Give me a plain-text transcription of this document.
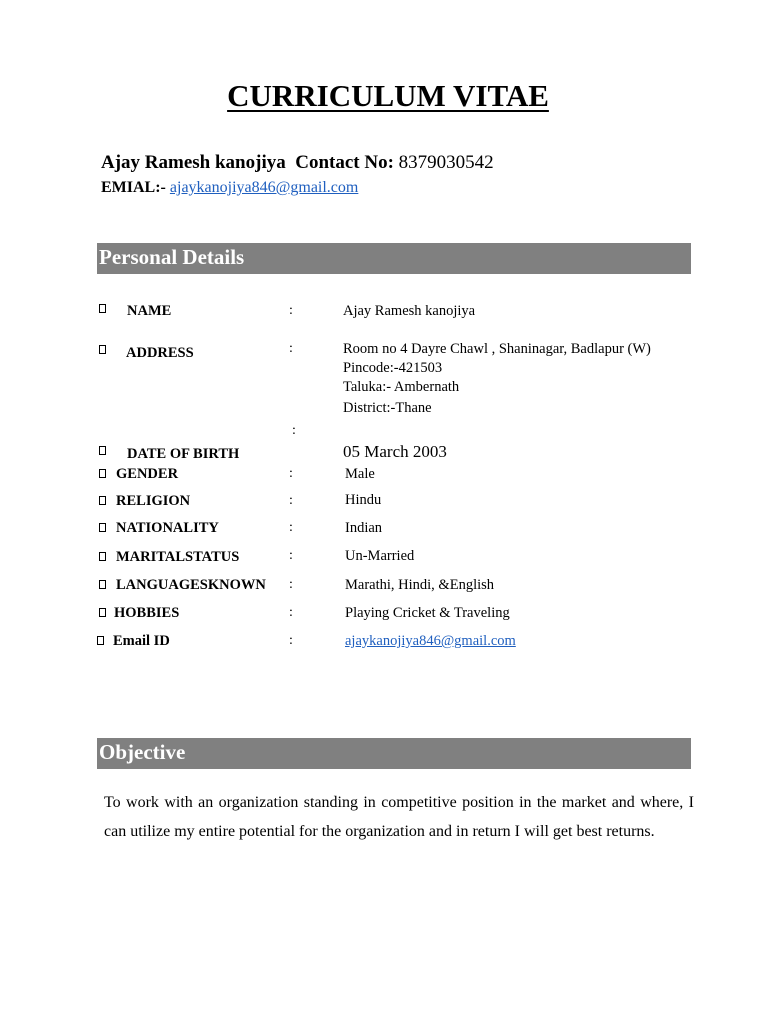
CURRICULUM VITAE
Ajay Ramesh kanojiya Contact No: 8379030542
EMIAL:- ajaykanojiya846@gmail.com
Personal Details
NAME	:	Ajay Ramesh kanojiya
ADDRESS	:	Room no 4 Dayre Chawl , Shaninagar, Badlapur (W)
Pincode:-421503
Taluka:- Ambernath
District:-Thane
:
DATE OF BIRTH	05 March 2003
GENDER	:	Male
RELIGION	:	Hindu
NATIONALITY	:	Indian
MARITALSTATUS	:	Un-Married
LANGUAGESKNOWN :	Marathi, Hindi, &English
HOBBIES	:	Playing Cricket & Traveling
Email ID	:	ajaykanojiya846@gmail.com
Objective
To work with an organization standing in competitive position in the market and where, I can utilize my entire potential for the organization and in return I will get best returns.
